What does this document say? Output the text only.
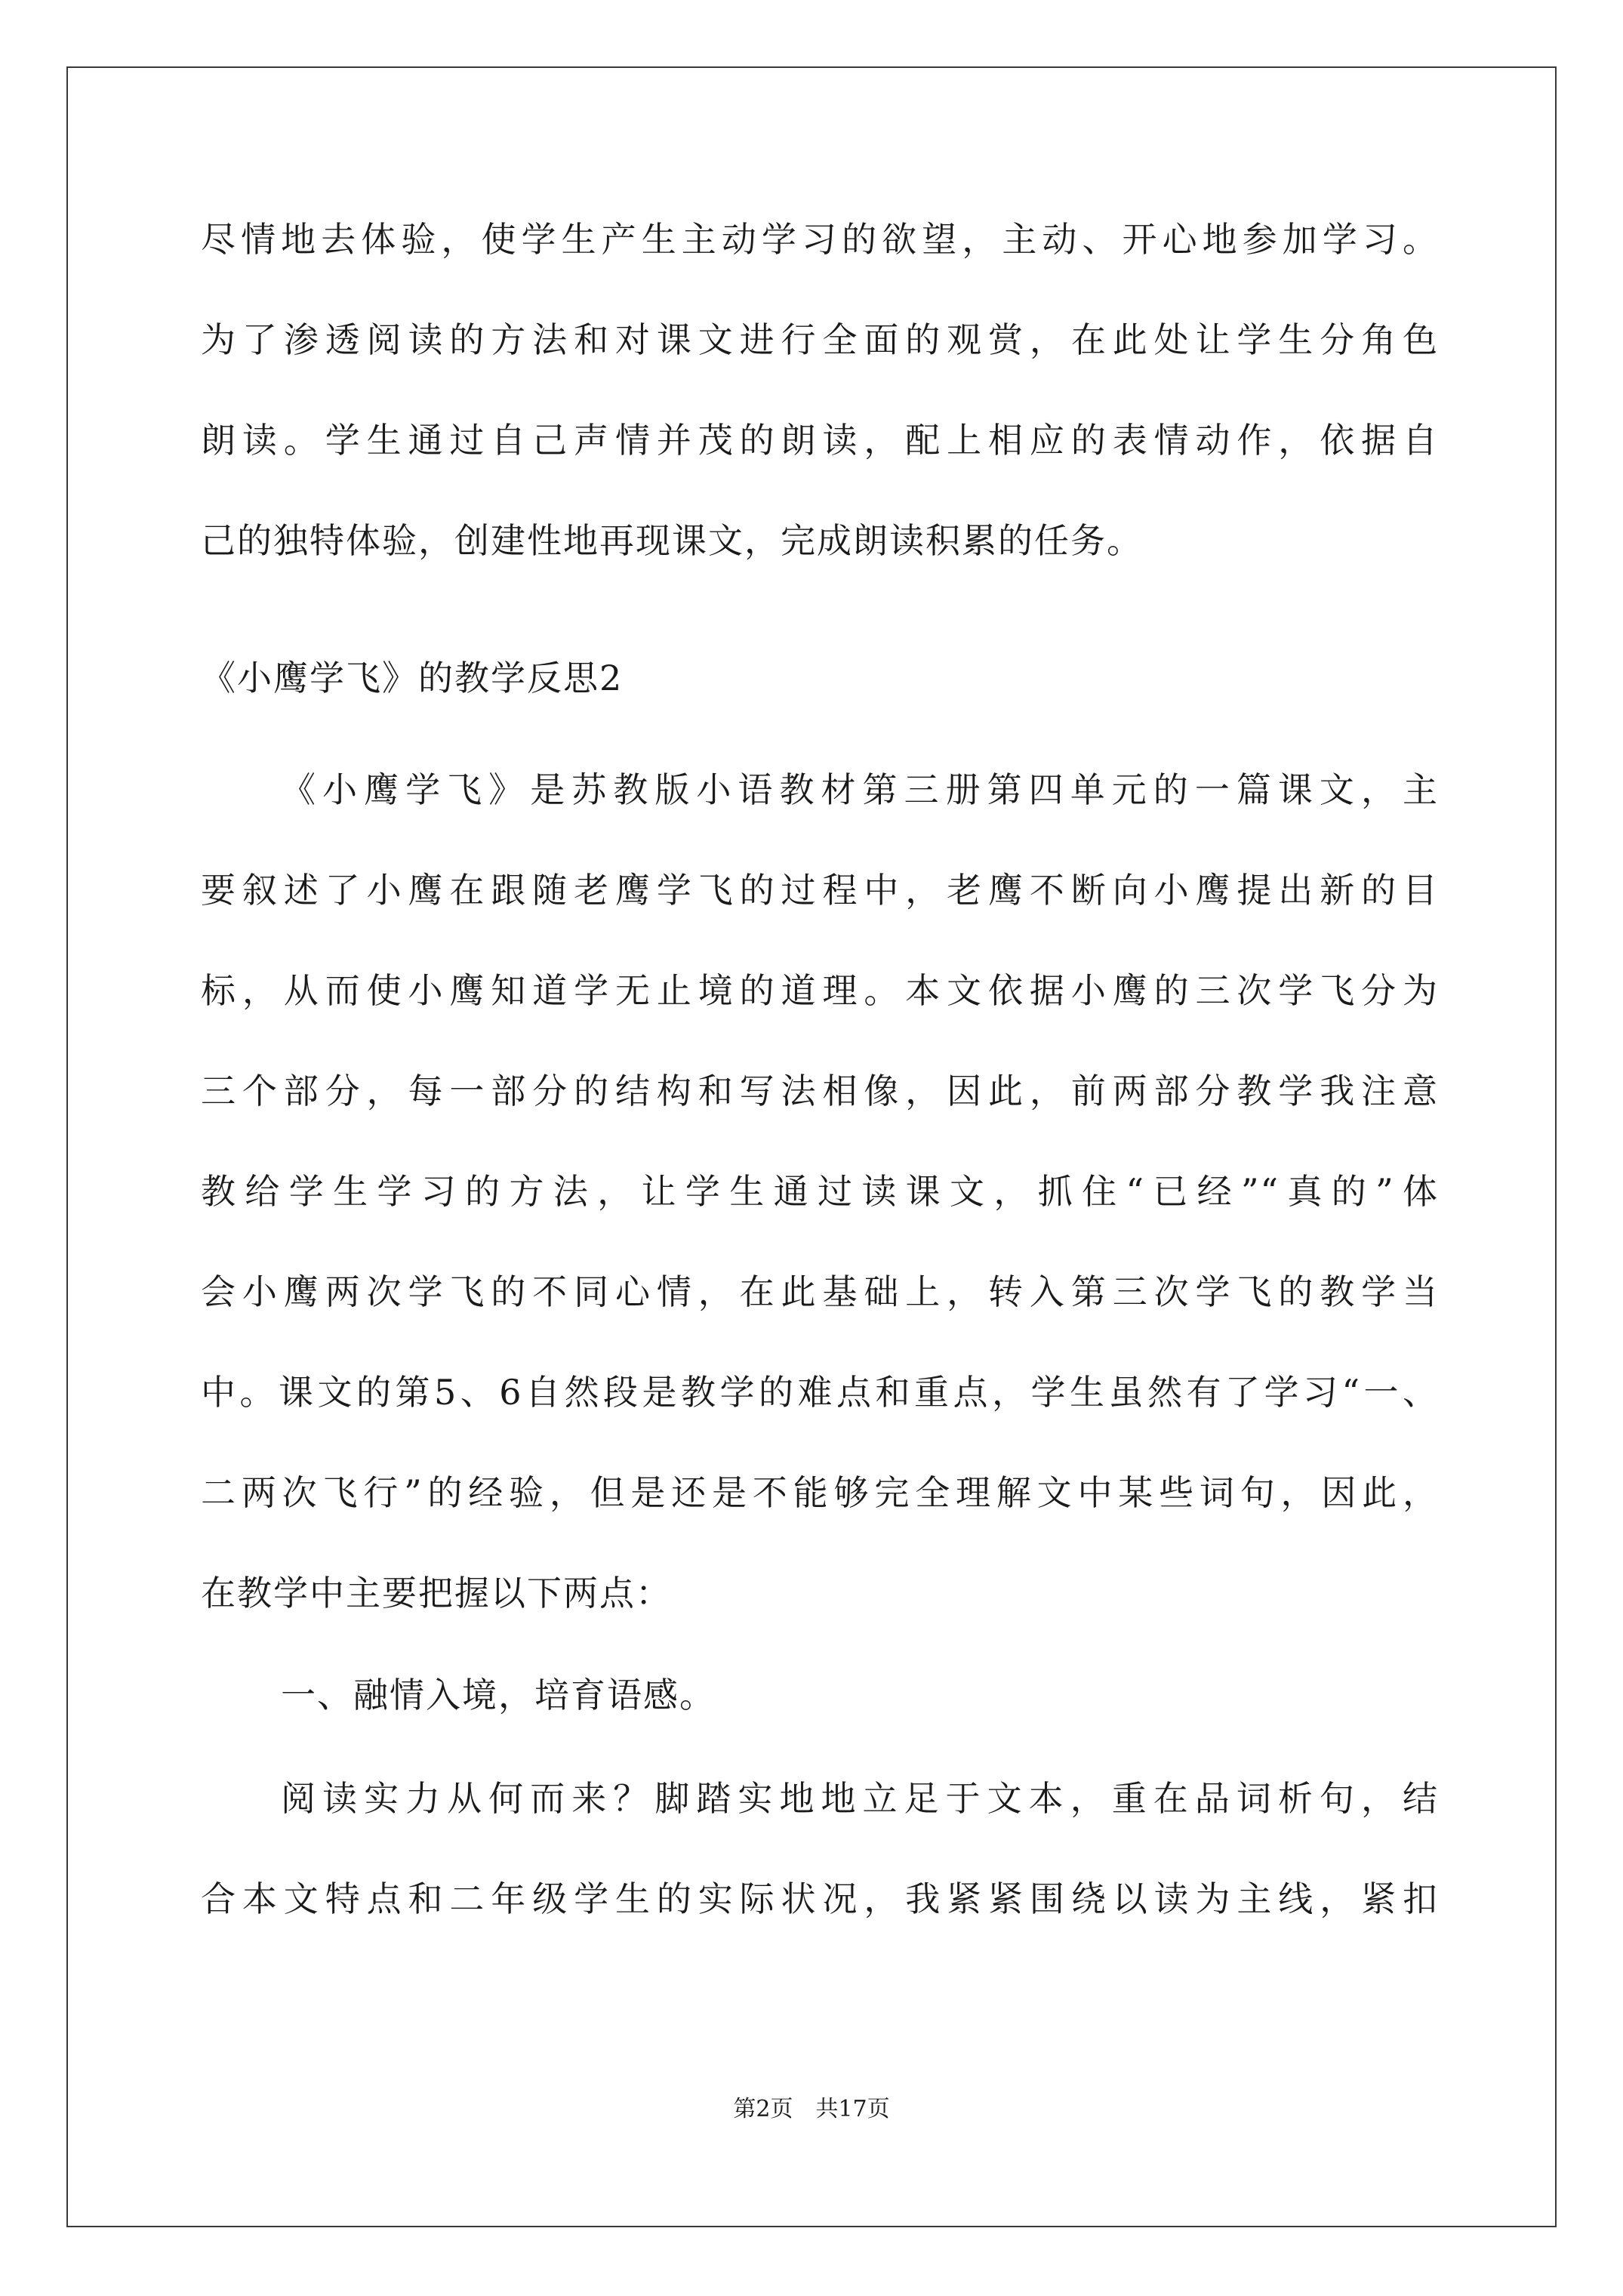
尽情地去体验，使学生产生主动学习的欲望，主动、开心地参加学习。
为了渗透阅读的方法和对课文进行全面的观赏，在此处让学生分角色
朗读。学生通过自己声情并茂的朗读，配上相应的表情动作，依据自
己的独特体验，创建性地再现课文，完成朗读积累的任务。
《小鹰学飞》的教学反思2
《小鹰学飞》是苏教版小语教材第三册第四单元的一篇课文，主
要叙述了小鹰在跟随老鹰学飞的过程中，老鹰不断向小鹰提出新的目
标，从而使小鹰知道学无止境的道理。本文依据小鹰的三次学飞分为
三个部分，每一部分的结构和写法相像，因此，前两部分教学我注意
教给学生学习的方法，让学生通过读课文，抓住“已经”“真的”体
会小鹰两次学飞的不同心情，在此基础上，转入第三次学飞的教学当
中。课文的第5、6自然段是教学的难点和重点，学生虽然有了学习“一、
二两次飞行”的经验，但是还是不能够完全理解文中某些词句，因此，
在教学中主要把握以下两点：
一、融情入境，培育语感。
阅读实力从何而来？脚踏实地地立足于文本，重在品词析句，结
合本文特点和二年级学生的实际状况，我紧紧围绕以读为主线，紧扣
第2页　共17页
